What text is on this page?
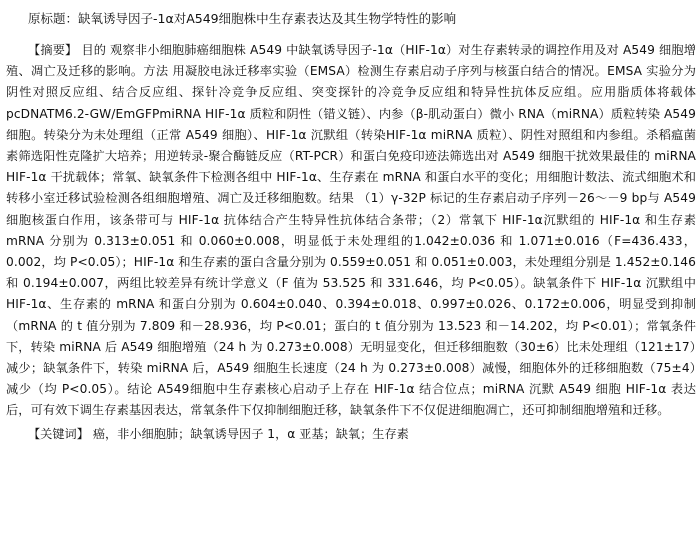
原标题：缺氧诱导因子-1α对A549细胞株中生存素表达及其生物学特性的影响

【摘要】 目的 观察非小细胞肺癌细胞株 A549 中缺氧诱导因子-1α（HIF-1α）对生存素转录的调控作用及对 A549 细胞增殖、凋亡及迁移的影响。方法 用凝胶电泳迁移率实验（EMSA）检测生存素启动子序列与核蛋白结合的情况。EMSA 实验分为阴性对照反应组、结合反应组、探针冷竞争反应组、突变探针的冷竞争反应组和特异性抗体反应组。应用脂质体将载体 pcDNATM6.2-GW/EmGFPmiRNA HIF-1α 质粒和阴性（错义链）、内参（β-肌动蛋白）微小 RNA（miRNA）质粒转染 A549细胞。转染分为未处理组（正常 A549 细胞）、HIF-1α 沉默组（转染HIF-1α miRNA 质粒）、阴性对照组和内参组。杀稻瘟菌素筛选阳性克隆扩大培养；用逆转录-聚合酶链反应（RT-PCR）和蛋白免疫印迹法筛选出对 A549 细胞干扰效果最佳的 miRNA HIF-1α 干扰载体；常氧、缺氧条件下检测各组中 HIF-1α、生存素在 mRNA 和蛋白水平的变化；用细胞计数法、流式细胞术和转移小室迁移试验检测各组细胞增殖、凋亡及迁移细胞数。结果 （1）γ-32P 标记的生存素启动子序列－26～－9 bp与 A549 细胞核蛋白作用，该条带可与 HIF-1α 抗体结合产生特异性抗体结合条带；（2）常氧下 HIF-1α沉默组的 HIF-1α 和生存素 mRNA 分别为 0.313±0.051 和 0.060±0.008，明显低于未处理组的1.042±0.036 和 1.071±0.016（F=436.433，0.002，均 P<0.05）；HIF-1α 和生存素的蛋白含量分别为 0.559±0.051 和 0.051±0.003，未处理组分别是 1.452±0.146 和 0.194±0.007，两组比较差异有统计学意义（F 值为 53.525 和 331.646，均 P<0.05）。缺氧条件下 HIF-1α 沉默组中 HIF-1α、生存素的 mRNA 和蛋白分别为 0.604±0.040、0.394±0.018、0.997±0.026、0.172±0.006，明显受到抑制（mRNA 的 t 值分别为 7.809 和－28.936，均 P<0.01；蛋白的 t 值分别为 13.523 和－14.202，均 P<0.01）；常氧条件下，转染 miRNA 后 A549 细胞增殖（24 h 为 0.273±0.008）无明显变化，但迁移细胞数（30±6）比未处理组（121±17）减少；缺氧条件下，转染 miRNA 后，A549 细胞生长速度（24 h 为 0.273±0.008）减慢，细胞体外的迁移细胞数（75±4）减少（均 P<0.05）。结论 A549细胞中生存素核心启动子上存在 HIF-1α 结合位点；miRNA 沉默 A549 细胞 HIF-1α 表达后，可有效下调生存素基因表达，常氧条件下仅抑制细胞迁移，缺氧条件下不仅促进细胞凋亡，还可抑制细胞增殖和迁移。

【关键词】 癌，非小细胞肺 ； 缺氧诱导因子 1，α 亚基 ； 缺氧 ； 生存素
